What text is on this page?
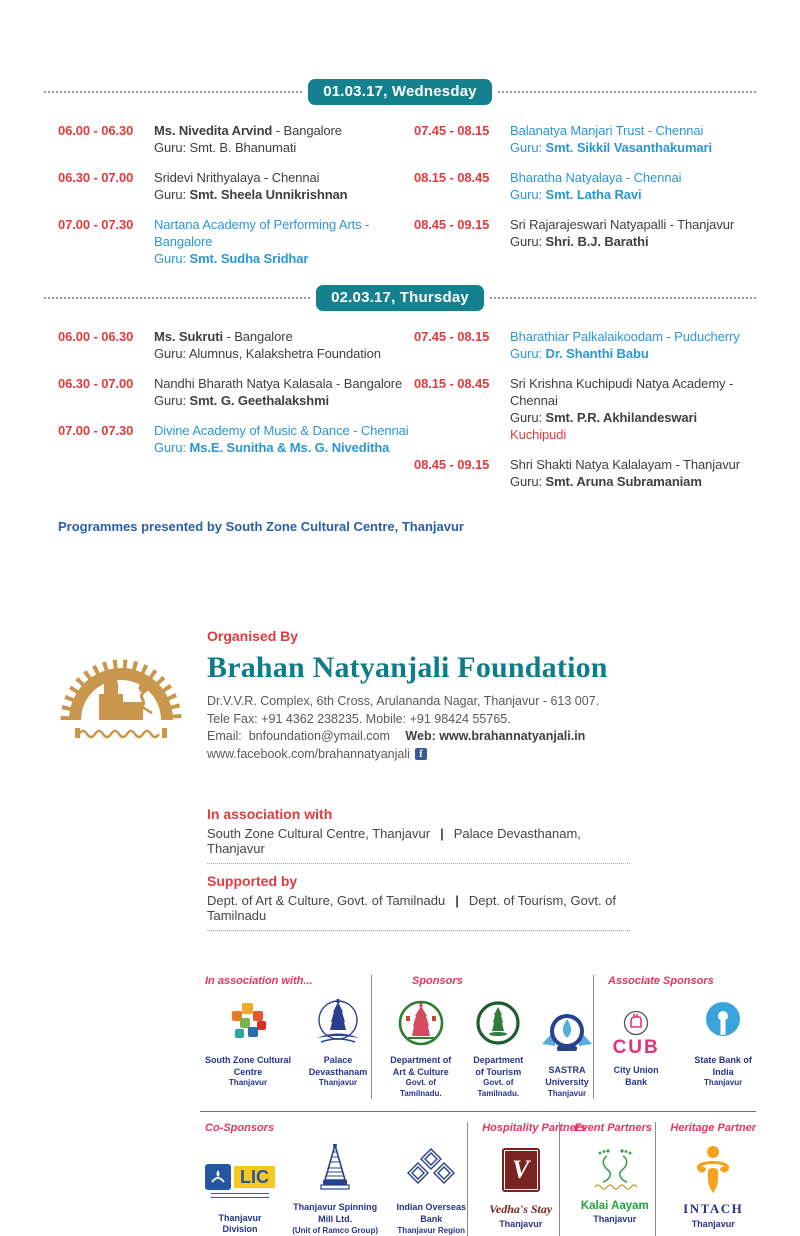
01.03.17, Wednesday
06.00 - 06.30	Ms. Nivedita Arvind - Bangalore
Guru: Smt. B. Bhanumati
06.30 - 07.00	Sridevi Nrithyalaya - Chennai
Guru: Smt. Sheela Unnikrishnan
07.00 - 07.30	Nartana Academy of Performing Arts - Bangalore
Guru: Smt. Sudha Sridhar
07.45 - 08.15	Balanatya Manjari Trust - Chennai
Guru: Smt. Sikkil Vasanthakumari
08.15 - 08.45	Bharatha Natyalaya - Chennai
Guru: Smt. Latha Ravi
08.45 - 09.15	Sri Rajarajeswari Natyapalli - Thanjavur
Guru: Shri. B.J. Barathi
02.03.17, Thursday
06.00 - 06.30	Ms. Sukruti - Bangalore
Guru: Alumnus, Kalakshetra Foundation
06.30 - 07.00	Nandhi Bharath Natya Kalasala - Bangalore
Guru: Smt. G. Geethalakshmi
07.00 - 07.30	Divine Academy of Music & Dance - Chennai
Guru: Ms.E. Sunitha & Ms. G. Niveditha
07.45 - 08.15	Bharathiar Palkalaikoodam - Puducherry
Guru: Dr. Shanthi Babu
08.15 - 08.45	Sri Krishna Kuchipudi Natya Academy - Chennai
Guru: Smt. P.R. Akhilandeswari Kuchipudi
08.45 - 09.15	Shri Shakti Natya Kalalayam - Thanjavur
Guru: Smt. Aruna Subramaniam
Programmes presented by South Zone Cultural Centre, Thanjavur
Organised By
Brahan Natyanjali Foundation
Dr.V.V.R. Complex, 6th Cross, Arulananda Nagar, Thanjavur - 613 007.
Tele Fax: +91 4362 238235. Mobile: +91 98424 55765.
Email: bnfoundation@ymail.com Web: www.brahannatyanjali.in
www.facebook.com/brahannatyanjali f
In association with
South Zone Cultural Centre, Thanjavur | Palace Devasthanam, Thanjavur
Supported by
Dept. of Art & Culture, Govt. of Tamilnadu | Dept. of Tourism, Govt. of Tamilnadu
In association with...
South Zone Cultural Centre
Thanjavur
Palace Devasthanam
Thanjavur
Sponsors
Department of Art & Culture
Govt. of Tamilnadu.
Department of Tourism
Govt. of Tamilnadu.
SASTRA University
Thanjavur
Associate Sponsors
CUB
City Union Bank
State Bank of India
Thanjavur
Co-Sponsors
LIC
Thanjavur Division
Thanjavur Spinning Mill Ltd.
(Unit of Ramco Group)
Indian Overseas Bank
Thanjavur Region
Hospitality Partners
V
Vedha's Stay
Thanjavur
Event Partners
Kalai Aayam
Thanjavur
Heritage Partner
INTACH
Thanjavur
